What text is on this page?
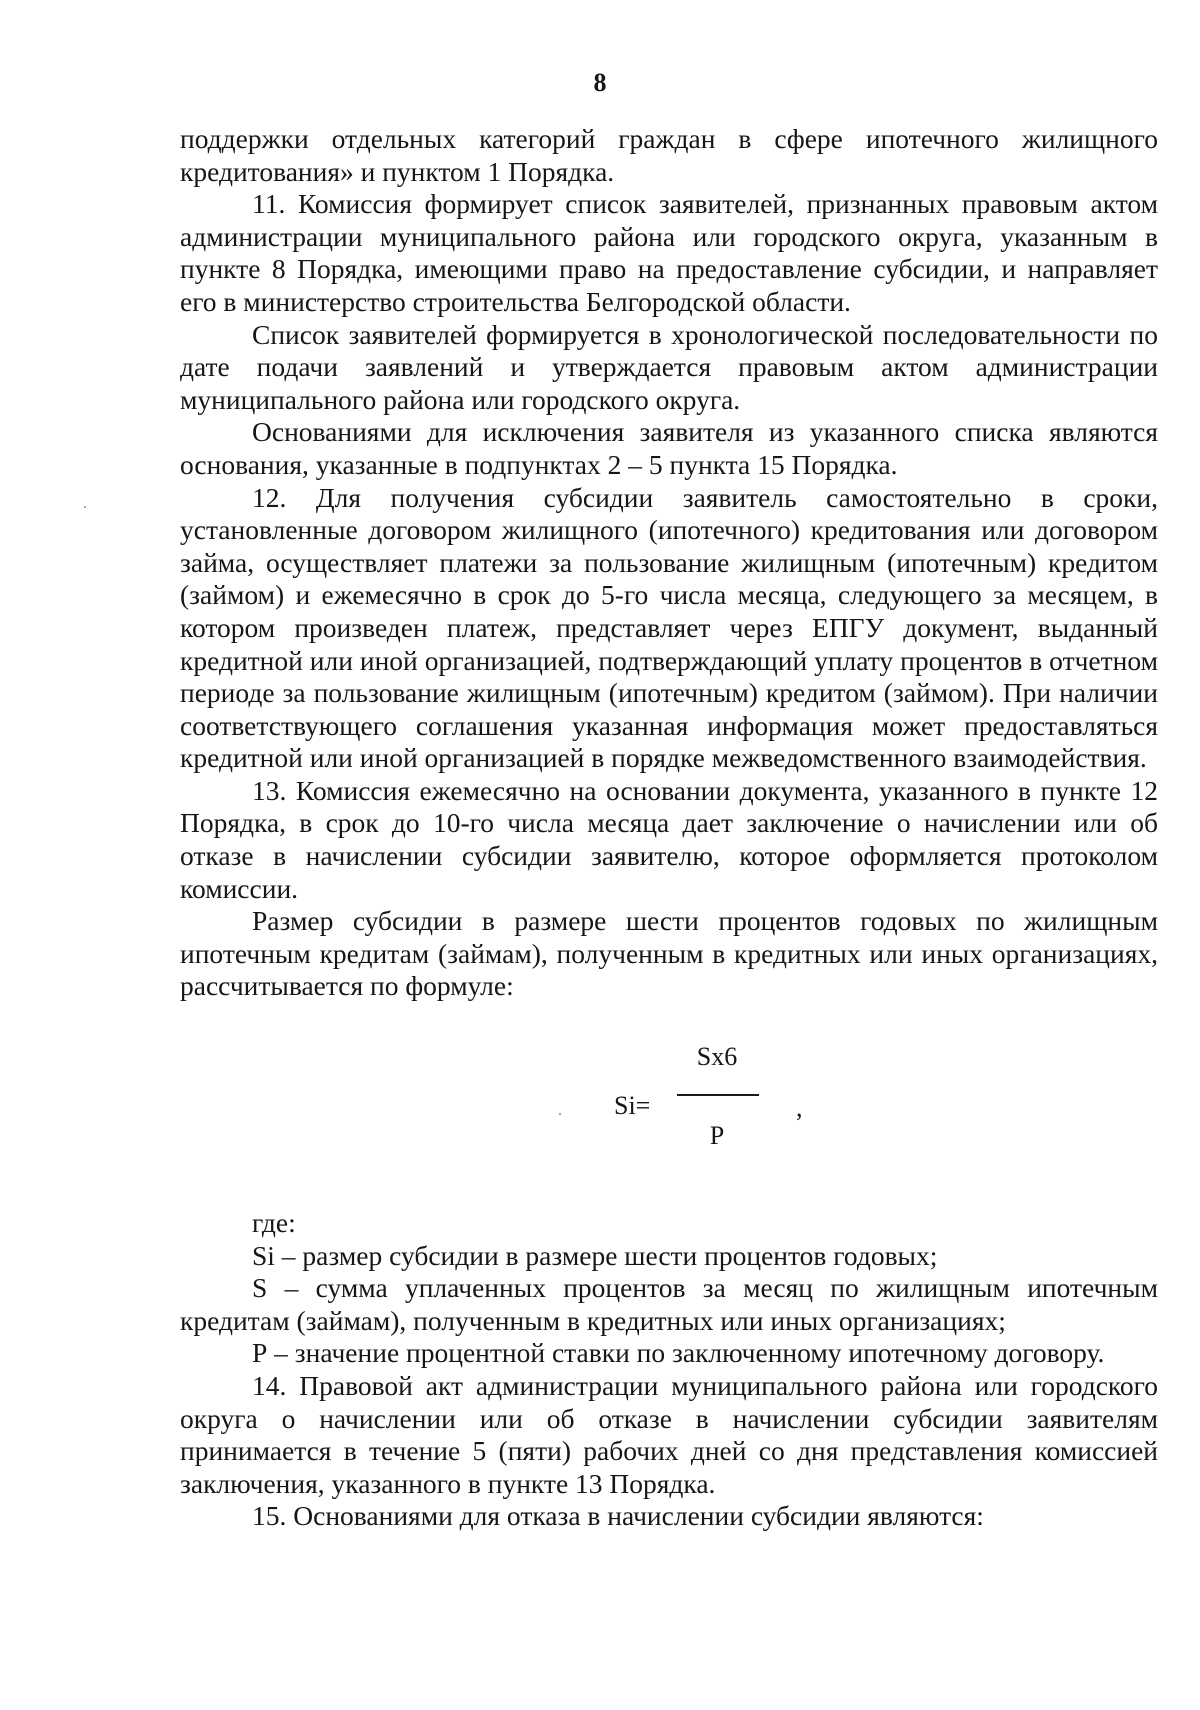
8

поддержки отдельных категорий граждан в сфере ипотечного жилищного кредитования» и пунктом 1 Порядка.

11. Комиссия формирует список заявителей, признанных правовым актом администрации муниципального района или городского округа, указанным в пункте 8 Порядка, имеющими право на предоставление субсидии, и направляет его в министерство строительства Белгородской области.

Список заявителей формируется в хронологической последовательности по дате подачи заявлений и утверждается правовым актом администрации муниципального района или городского округа.

Основаниями для исключения заявителя из указанного списка являются основания, указанные в подпунктах 2 – 5 пункта 15 Порядка.

12. Для получения субсидии заявитель самостоятельно в сроки, установленные договором жилищного (ипотечного) кредитования или договором займа, осуществляет платежи за пользование жилищным (ипотечным) кредитом (займом) и ежемесячно в срок до 5-го числа месяца, следующего за месяцем, в котором произведен платеж, представляет через ЕПГУ документ, выданный кредитной или иной организацией, подтверждающий уплату процентов в отчетном периоде за пользование жилищным (ипотечным) кредитом (займом). При наличии соответствующего соглашения указанная информация может предоставляться кредитной или иной организацией в порядке межведомственного взаимодействия.

13. Комиссия ежемесячно на основании документа, указанного в пункте 12 Порядка, в срок до 10-го числа месяца дает заключение о начислении или об отказе в начислении субсидии заявителю, которое оформляется протоколом комиссии.

Размер субсидии в размере шести процентов годовых по жилищным ипотечным кредитам (займам), полученным в кредитных или иных организациях, рассчитывается по формуле:

Si=
Sx6
P
,

где:

Si – размер субсидии в размере шести процентов годовых;

S – сумма уплаченных процентов за месяц по жилищным ипотечным кредитам (займам), полученным в кредитных или иных организациях;

Р – значение процентной ставки по заключенному ипотечному договору.

14. Правовой акт администрации муниципального района или городского округа о начислении или об отказе в начислении субсидии заявителям принимается в течение 5 (пяти) рабочих дней со дня представления комиссией заключения, указанного в пункте 13 Порядка.

15. Основаниями для отказа в начислении субсидии являются:
